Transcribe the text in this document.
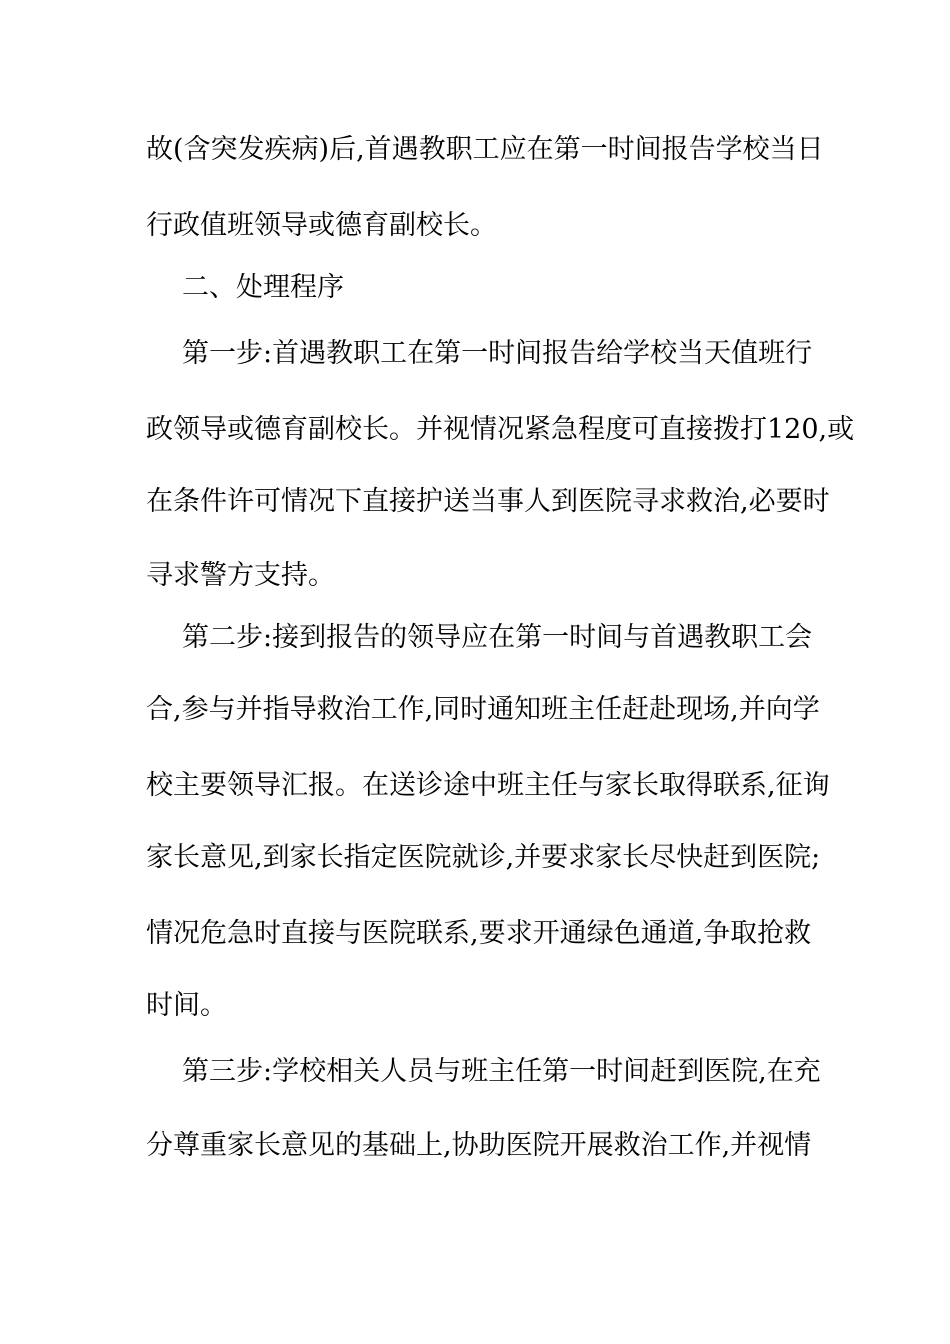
故(含突发疾病)后,首遇教职工应在第一时间报告学校当日
行政值班领导或德育副校长。
二、处理程序
第一步:首遇教职工在第一时间报告给学校当天值班行
政领导或德育副校长。并视情况紧急程度可直接拨打120,或
在条件许可情况下直接护送当事人到医院寻求救治,必要时
寻求警方支持。
第二步:接到报告的领导应在第一时间与首遇教职工会
合,参与并指导救治工作,同时通知班主任赶赴现场,并向学
校主要领导汇报。在送诊途中班主任与家长取得联系,征询
家长意见,到家长指定医院就诊,并要求家长尽快赶到医院;
情况危急时直接与医院联系,要求开通绿色通道,争取抢救
时间。
第三步:学校相关人员与班主任第一时间赶到医院,在充
分尊重家长意见的基础上,协助医院开展救治工作,并视情
